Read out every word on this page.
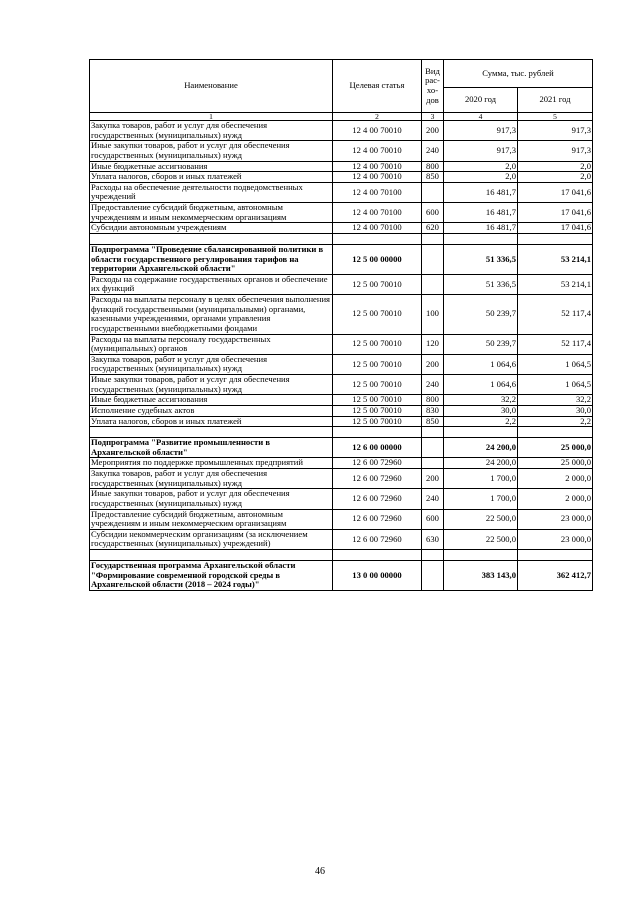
Наименование	Целевая статья	Вид рас-хо-дов	Сумма, тыс. рублей	
			2020 год	2021 год
1	2	3	4	5
Закупка товаров, работ и услуг для обеспечения государственных (муниципальных) нужд	12 4 00 70010	200	917,3	917,3
Иные закупки товаров, работ и услуг для обеспечения государственных (муниципальных) нужд	12 4 00 70010	240	917,3	917,3
Иные бюджетные ассигнования	12 4 00 70010	800	2,0	2,0
Уплата налогов, сборов и иных платежей	12 4 00 70010	850	2,0	2,0
Расходы на обеспечение деятельности подведомственных учреждений	12 4 00 70100		16 481,7	17 041,6
Предоставление субсидий бюджетным, автономным учреждениям и иным некоммерческим организациям	12 4 00 70100	600	16 481,7	17 041,6
Субсидии автономным учреждениям	12 4 00 70100	620	16 481,7	17 041,6

Подпрограмма "Проведение сбалансированной политики в области государственного регулирования тарифов на территории Архангельской области"	12 5 00 00000		51 336,5	53 214,1
Расходы на содержание государственных органов и обеспечение их функций	12 5 00 70010		51 336,5	53 214,1
Расходы на выплаты персоналу в целях обеспечения выполнения функций государственными (муниципальными) органами, казенными учреждениями, органами управления государственными внебюджетными фондами	12 5 00 70010	100	50 239,7	52 117,4
Расходы на выплаты персоналу государственных (муниципальных) органов	12 5 00 70010	120	50 239,7	52 117,4
Закупка товаров, работ и услуг для обеспечения государственных (муниципальных) нужд	12 5 00 70010	200	1 064,6	1 064,5
Иные закупки товаров, работ и услуг для обеспечения государственных (муниципальных) нужд	12 5 00 70010	240	1 064,6	1 064,5
Иные бюджетные ассигнования	12 5 00 70010	800	32,2	32,2
Исполнение судебных актов	12 5 00 70010	830	30,0	30,0
Уплата налогов, сборов и иных платежей	12 5 00 70010	850	2,2	2,2

Подпрограмма "Развитие промышленности в Архангельской области"	12 6 00 00000		24 200,0	25 000,0
Мероприятия по поддержке промышленных предприятий	12 6 00 72960		24 200,0	25 000,0
Закупка товаров, работ и услуг для обеспечения государственных (муниципальных) нужд	12 6 00 72960	200	1 700,0	2 000,0
Иные закупки товаров, работ и услуг для обеспечения государственных (муниципальных) нужд	12 6 00 72960	240	1 700,0	2 000,0
Предоставление субсидий бюджетным, автономным учреждениям и иным некоммерческим организациям	12 6 00 72960	600	22 500,0	23 000,0
Субсидии некоммерческим организациям (за исключением государственных (муниципальных) учреждений)	12 6 00 72960	630	22 500,0	23 000,0

Государственная программа Архангельской области "Формирование современной городской среды в Архангельской области (2018 – 2024 годы)"	13 0 00 00000		383 143,0	362 412,7
46
